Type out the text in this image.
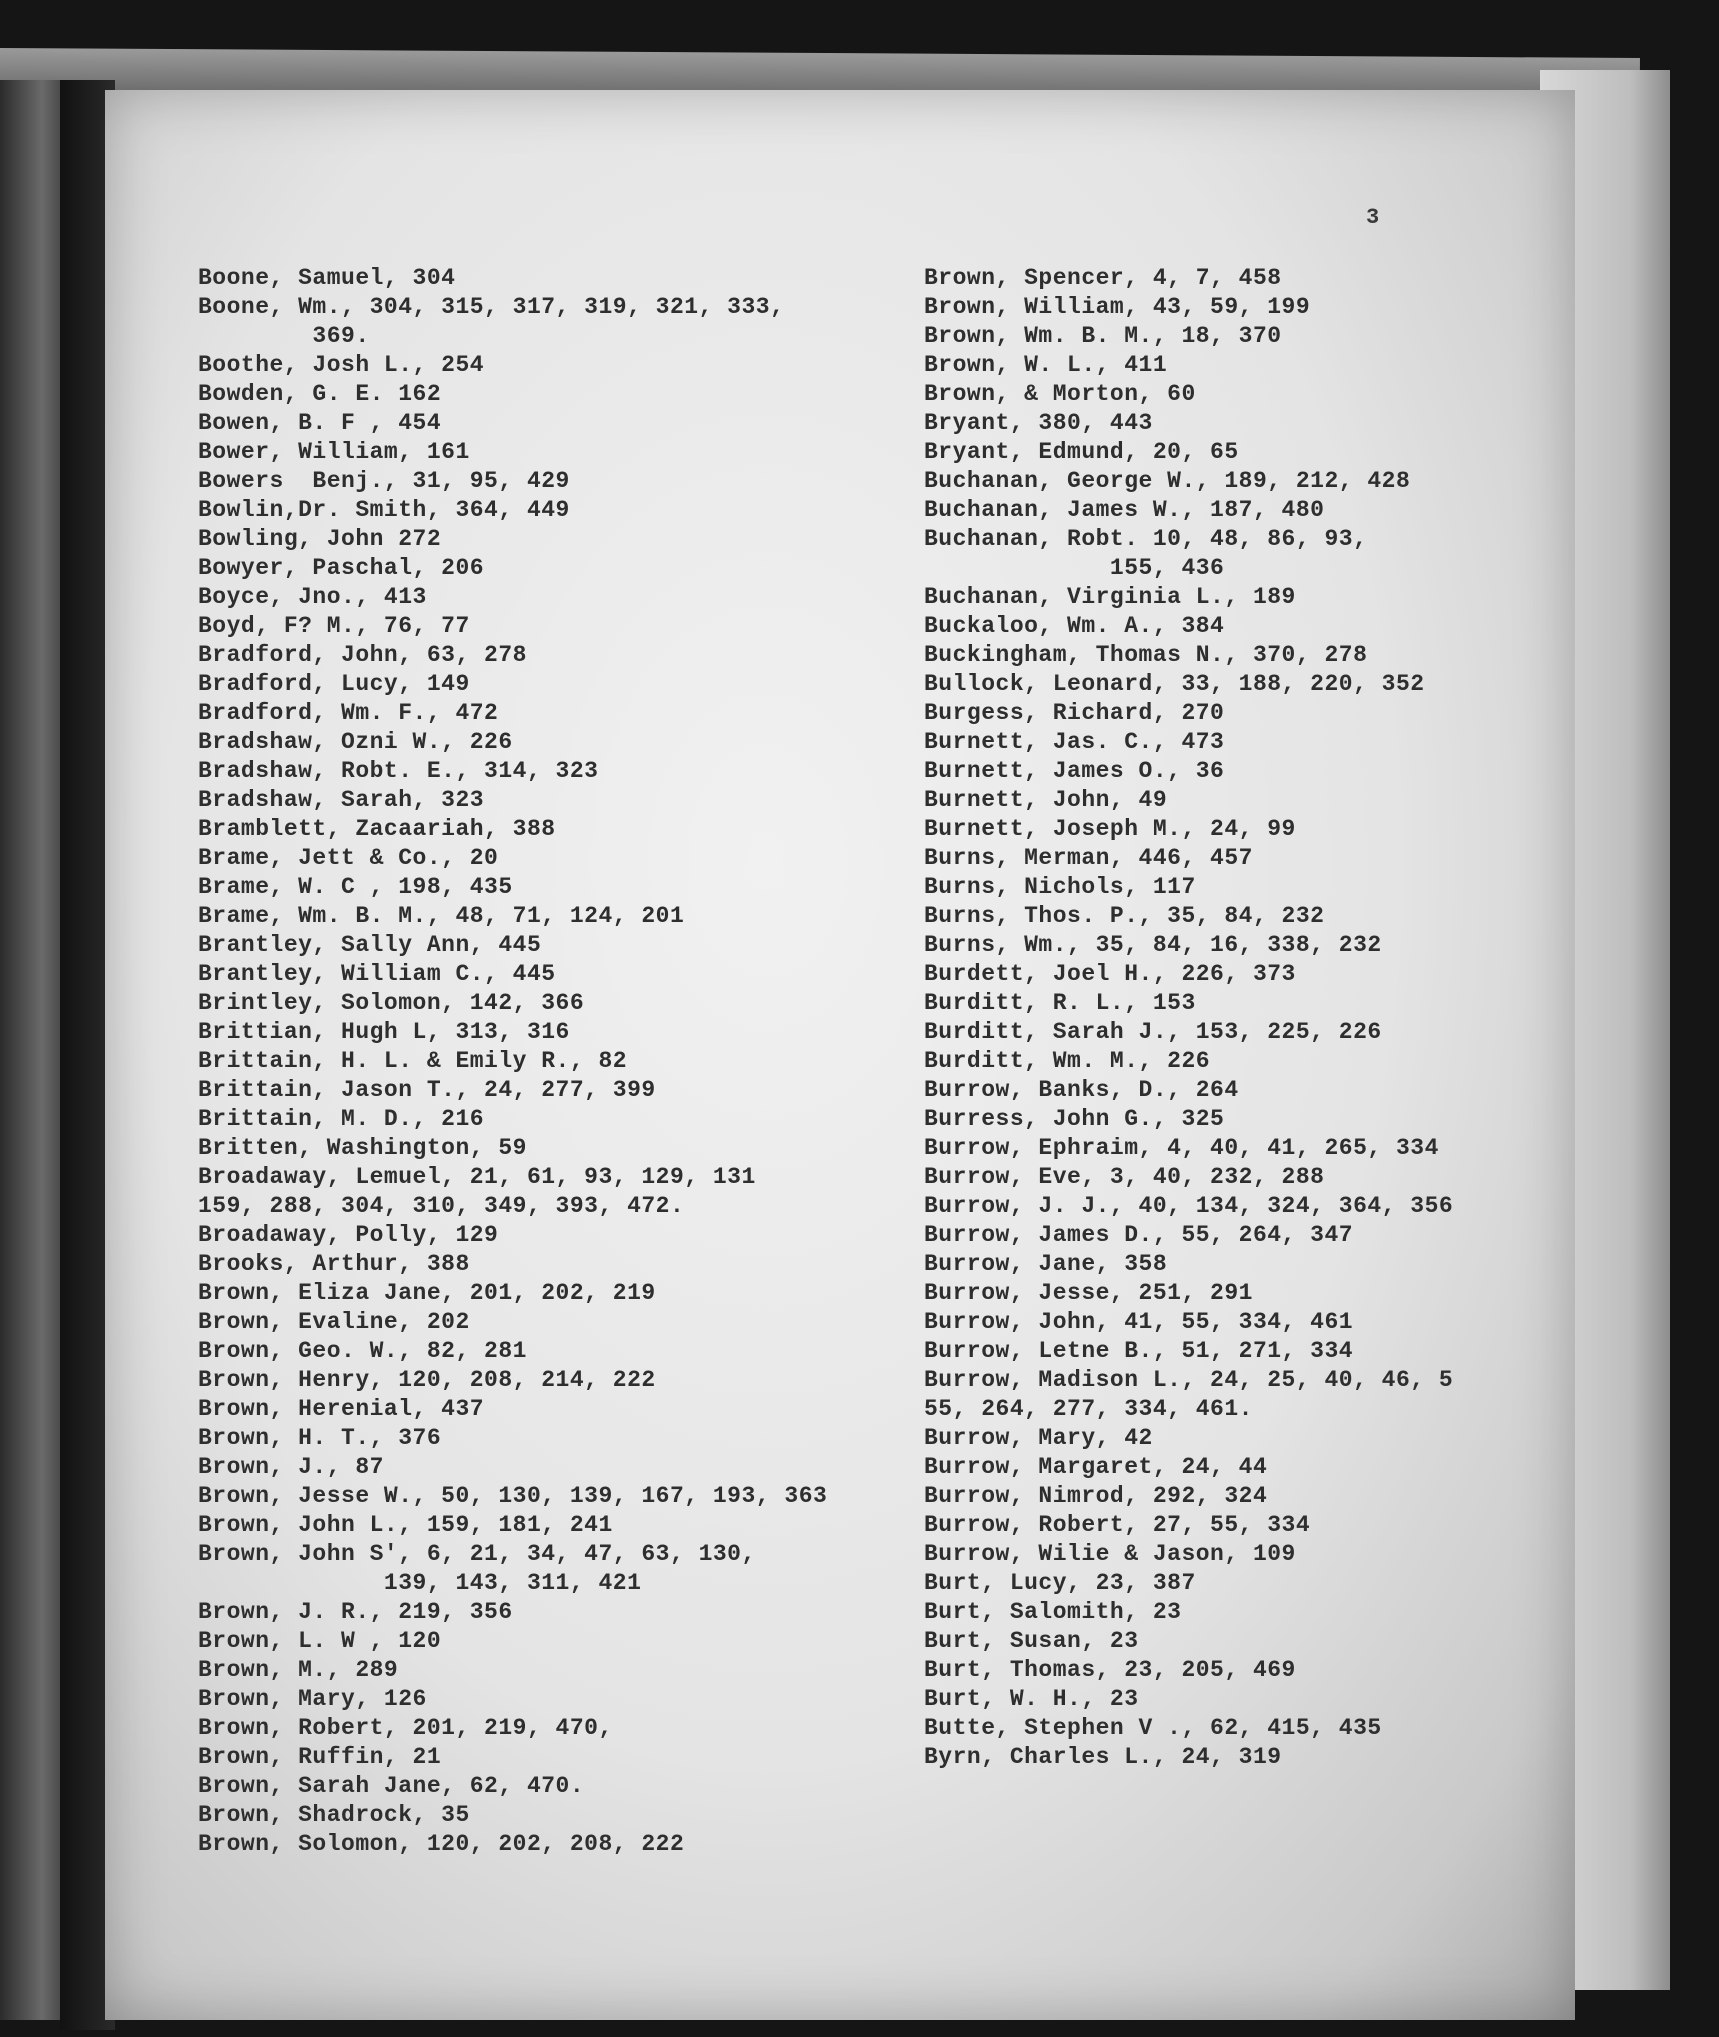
3
Boone, Samuel, 304
Boone, Wm., 304, 315, 317, 319, 321, 333,
369.
Boothe, Josh L., 254
Bowden, G. E. 162
Bowen, B. F , 454
Bower, William, 161
Bowers  Benj., 31, 95, 429
Bowlin,Dr. Smith, 364, 449
Bowling, John 272
Bowyer, Paschal, 206
Boyce, Jno., 413
Boyd, F? M., 76, 77
Bradford, John, 63, 278
Bradford, Lucy, 149
Bradford, Wm. F., 472
Bradshaw, Ozni W., 226
Bradshaw, Robt. E., 314, 323
Bradshaw, Sarah, 323
Bramblett, Zacaariah, 388
Brame, Jett & Co., 20
Brame, W. C , 198, 435
Brame, Wm. B. M., 48, 71, 124, 201
Brantley, Sally Ann, 445
Brantley, William C., 445
Brintley, Solomon, 142, 366
Brittian, Hugh L, 313, 316
Brittain, H. L. & Emily R., 82
Brittain, Jason T., 24, 277, 399
Brittain, M. D., 216
Britten, Washington, 59
Broadaway, Lemuel, 21, 61, 93, 129, 131
159, 288, 304, 310, 349, 393, 472.
Broadaway, Polly, 129
Brooks, Arthur, 388
Brown, Eliza Jane, 201, 202, 219
Brown, Evaline, 202
Brown, Geo. W., 82, 281
Brown, Henry, 120, 208, 214, 222
Brown, Herenial, 437
Brown, H. T., 376
Brown, J., 87
Brown, Jesse W., 50, 130, 139, 167, 193, 363
Brown, John L., 159, 181, 241
Brown, John S', 6, 21, 34, 47, 63, 130,
139, 143, 311, 421
Brown, J. R., 219, 356
Brown, L. W , 120
Brown, M., 289
Brown, Mary, 126
Brown, Robert, 201, 219, 470,
Brown, Ruffin, 21
Brown, Sarah Jane, 62, 470.
Brown, Shadrock, 35
Brown, Solomon, 120, 202, 208, 222
Brown, Spencer, 4, 7, 458
Brown, William, 43, 59, 199
Brown, Wm. B. M., 18, 370
Brown, W. L., 411
Brown, & Morton, 60
Bryant, 380, 443
Bryant, Edmund, 20, 65
Buchanan, George W., 189, 212, 428
Buchanan, James W., 187, 480
Buchanan, Robt. 10, 48, 86, 93,
155, 436
Buchanan, Virginia L., 189
Buckaloo, Wm. A., 384
Buckingham, Thomas N., 370, 278
Bullock, Leonard, 33, 188, 220, 352
Burgess, Richard, 270
Burnett, Jas. C., 473
Burnett, James O., 36
Burnett, John, 49
Burnett, Joseph M., 24, 99
Burns, Merman, 446, 457
Burns, Nichols, 117
Burns, Thos. P., 35, 84, 232
Burns, Wm., 35, 84, 16, 338, 232
Burdett, Joel H., 226, 373
Burditt, R. L., 153
Burditt, Sarah J., 153, 225, 226
Burditt, Wm. M., 226
Burrow, Banks, D., 264
Burress, John G., 325
Burrow, Ephraim, 4, 40, 41, 265, 334
Burrow, Eve, 3, 40, 232, 288
Burrow, J. J., 40, 134, 324, 364, 356
Burrow, James D., 55, 264, 347
Burrow, Jane, 358
Burrow, Jesse, 251, 291
Burrow, John, 41, 55, 334, 461
Burrow, Letne B., 51, 271, 334
Burrow, Madison L., 24, 25, 40, 46, 5
55, 264, 277, 334, 461.
Burrow, Mary, 42
Burrow, Margaret, 24, 44
Burrow, Nimrod, 292, 324
Burrow, Robert, 27, 55, 334
Burrow, Wilie & Jason, 109
Burt, Lucy, 23, 387
Burt, Salomith, 23
Burt, Susan, 23
Burt, Thomas, 23, 205, 469
Burt, W. H., 23
Butte, Stephen V ., 62, 415, 435
Byrn, Charles L., 24, 319
